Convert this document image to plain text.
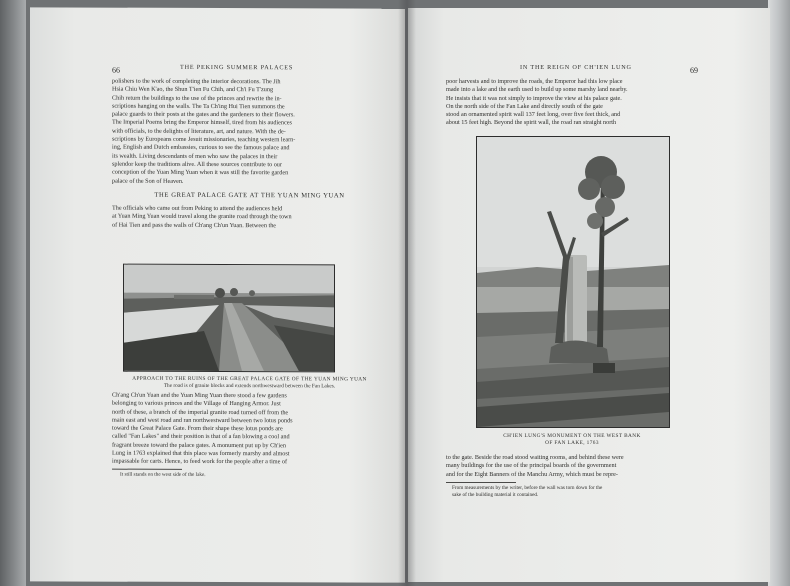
66	THE PEKING SUMMER PALACES
polishers to the work of completing the interior decorations. The Jih
Hsia Chiu Wen K'ao, the Shun T'ien Fu Chih, and Ch'i Fu T'zung
Chih return the buildings to the use of the princes and rewrite the in-
scriptions hanging on the walls. The Ta Ch'ing Hui Tien summons the
palace guards to their posts at the gates and the gardeners to their flowers.
The Imperial Poems bring the Emperor himself, tired from his audiences
with officials, to the delights of literature, art, and nature. With the de-
scriptions by Europeans come Jesuit missionaries, teaching western learn-
ing, English and Dutch embassies, curious to see the famous palace and
its wealth. Living descendants of men who saw the palaces in their
splendor keep the traditions alive. All these sources contribute to our
conception of the Yuan Ming Yuan when it was still the favorite garden
palace of the Son of Heaven.
THE GREAT PALACE GATE AT THE YUAN MING YUAN
The officials who came out from Peking to attend the audiences held
at Yuan Ming Yuan would travel along the granite road through the town
of Hai Tien and pass the walls of Ch'ang Ch'un Yuan. Between the
APPROACH TO THE RUINS OF THE GREAT PALACE GATE OF THE YUAN MING YUAN
The road is of granite blocks and extends northwestward between the Fan Lakes.
Ch'ang Ch'un Yuan and the Yuan Ming Yuan there stood a few gardens
belonging to various princes and the Village of Hanging Armor. Just
north of these, a branch of the imperial granite road turned off from the
main east and west road and ran northwestward between two lotus ponds
toward the Great Palace Gate. From their shape these lotus ponds are
called "Fan Lakes" and their position is that of a fan blowing a cool and
fragrant breeze toward the palace gates. A monument put up by Ch'ien
Lung in 1763 explained that this place was formerly marshy and almost
impassable for carts. Hence, to feed work for the people after a time of
It still stands on the west side of the lake.
IN THE REIGN OF CH'IEN LUNG	69
poor harvests and to improve the roads, the Emperor had this low place
made into a lake and the earth used to build up some marshy land nearby.
He insists that it was not simply to improve the view at his palace gate.
On the north side of the Fan Lake and directly south of the gate
stood an ornamented spirit wall 137 feet long, over five feet thick, and
about 15 feet high. Beyond the spirit wall, the road ran straight north
CH'IEN LUNG'S MONUMENT ON THE WEST BANK
OF FAN LAKE, 1763
to the gate. Beside the road stood waiting rooms, and behind these were
many buildings for the use of the principal boards of the government
and for the Eight Banners of the Manchu Army, which must be repre-
From measurements by the writer, before the wall was torn down for the
sake of the building material it contained.
